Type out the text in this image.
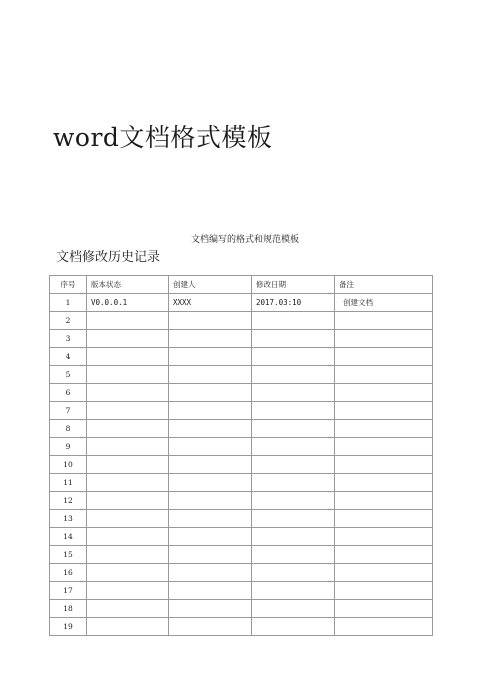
word文档格式模板
文档编写的格式和规范模板
文档修改历史记录
序号	版本状态	创建人	修改日期	备注
1	V0.0.0.1	XXXX	2017.03:10	创建文档
2				
3				
4				
5				
6				
7				
8				
9				
10				
11				
12				
13				
14				
15				
16				
17				
18				
19				
